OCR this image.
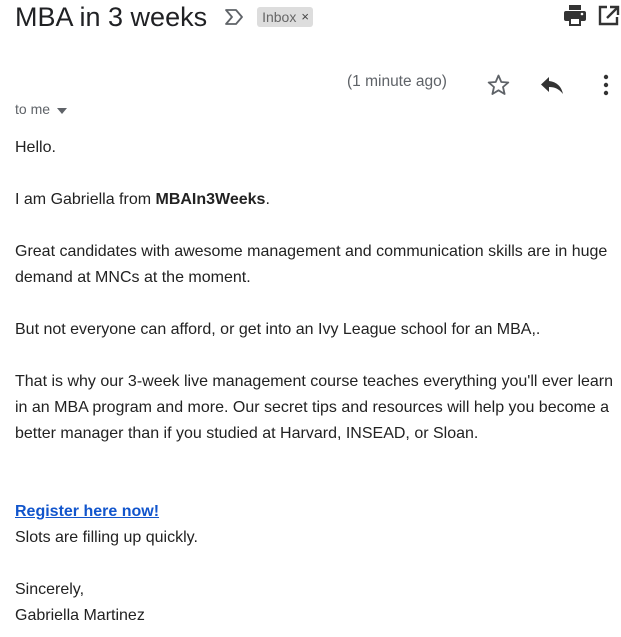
MBA in 3 weeks	Inbox ×
(1 minute ago)
to me

Hello.

I am Gabriella from MBAIn3Weeks.

Great candidates with awesome management and communication skills are in huge demand at MNCs at the moment.

But not everyone can afford, or get into an Ivy League school for an MBA,.

That is why our 3-week live management course teaches everything you'll ever learn in an MBA program and more. Our secret tips and resources will help you become a better manager than if you studied at Harvard, INSEAD, or Sloan.

Register here now!
Slots are filling up quickly.

Sincerely,
Gabriella Martinez
